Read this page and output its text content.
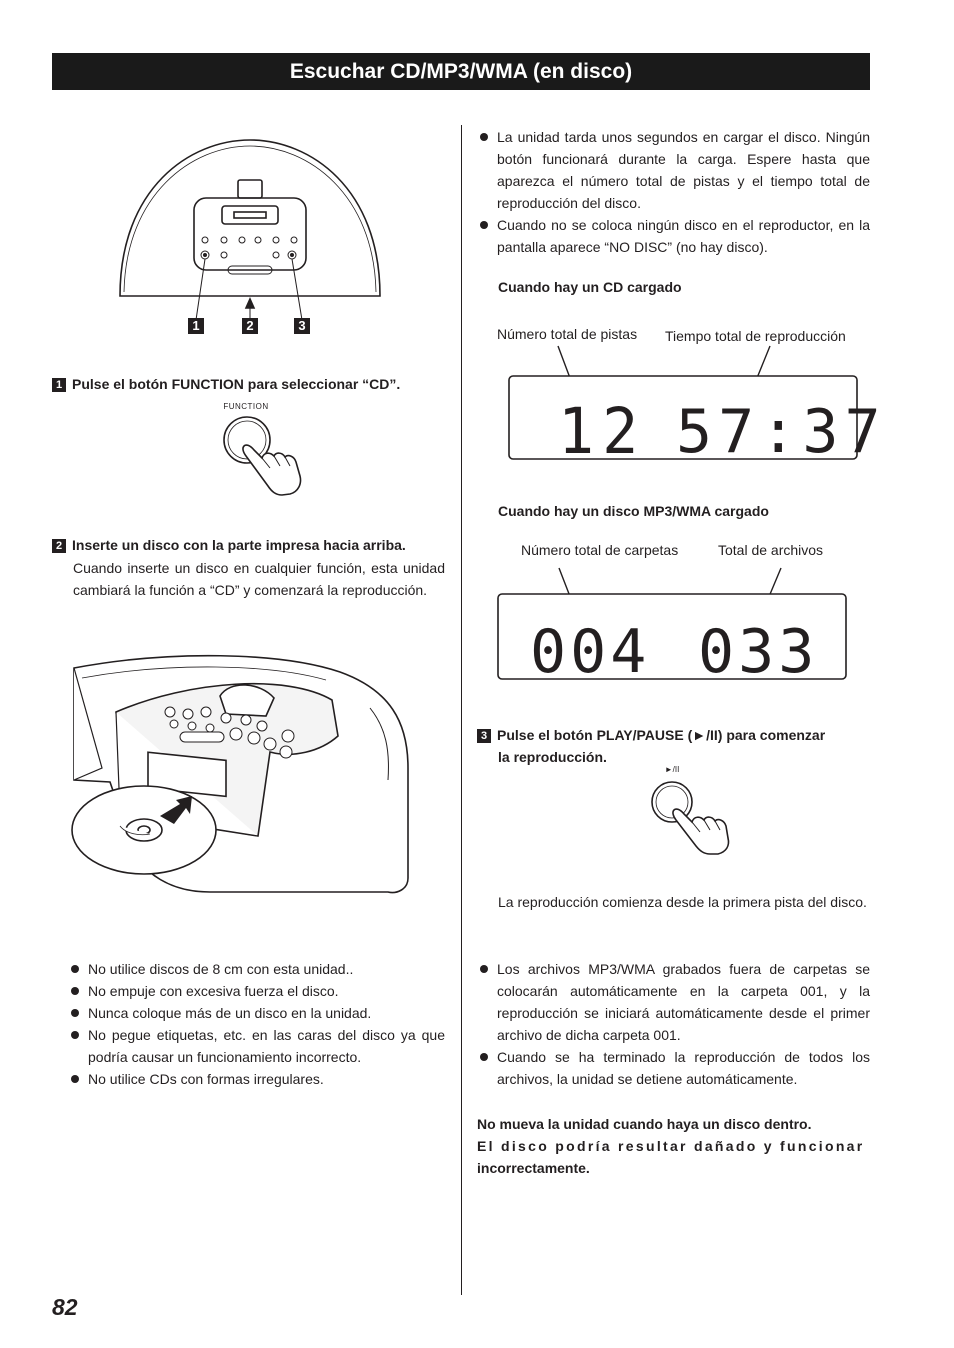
Escuchar CD/MP3/WMA (en disco)
1	2	3
1 Pulse el botón FUNCTION para seleccionar “CD”.
FUNCTION
2 Inserte un disco con la parte impresa hacia arriba.
Cuando inserte un disco en cualquier función, esta unidad cambiará la función a “CD” y comenzará la reproducción.
No utilice discos de 8 cm con esta unidad..
No empuje con excesiva fuerza el disco.
Nunca coloque más de un disco en la unidad.
No pegue etiquetas, etc. en las caras del disco ya que podría causar un funcionamiento incorrecto.
No utilice CDs con formas irregulares.
La unidad tarda unos segundos en cargar el disco. Ningún botón funcionará durante la carga. Espere hasta que aparezca el número total de pistas y el tiempo total de reproducción del disco.
Cuando no se coloca ningún disco en el reproductor, en la pantalla aparece “NO DISC” (no hay disco).
Cuando hay un CD cargado
Número total de pistas Tiempo total de reproducción
12 57:37
Cuando hay un disco MP3/WMA cargado
Número total de carpetas	Total de archivos
004 033
3 Pulse el botón PLAY/PAUSE (►/II) para comenzar
la reproducción.
►/II
La reproducción comienza desde la primera pista del disco.
Los archivos MP3/WMA grabados fuera de carpetas se colocarán automáticamente en la carpeta 001, y la reproducción se iniciará automáticamente desde el primer archivo de dicha carpeta 001.
Cuando se ha terminado la reproducción de todos los archivos, la unidad se detiene automáticamente.
No mueva la unidad cuando haya un disco dentro.
El disco podría resultar dañado y funcionar
incorrectamente.
82
